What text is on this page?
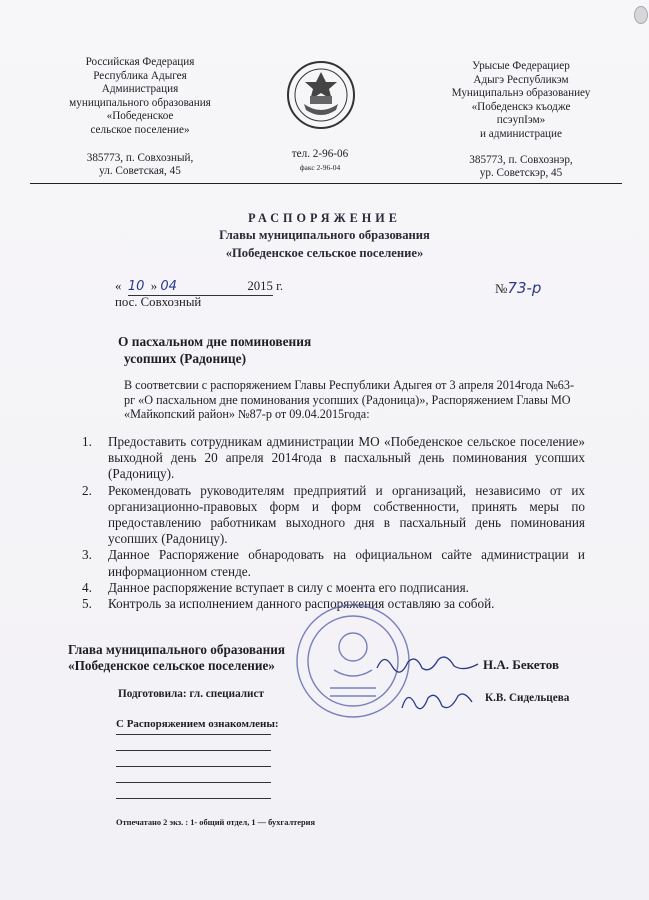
Российская Федерация
Республика Адыгея
Администрация
муниципального образования
«Победенское
сельское поселение»
385773, п. Совхозный,
ул. Советская, 45
Урысые Федерациер
Адыгэ Республикэм
Муниципальнэ образованиеу
«Победенскэ къодже
псэупІэм»
и администрацие
385773, п. Совхознэр,
ур. Советскэр, 45
тел. 2-96-06
факс 2-96-04
РАСПОРЯЖЕНИЕ
Главы муниципального образования
«Победенское сельское поселение»
« 10 » 04	2015 г.	№73-р
пос. Совхозный
О пасхальном дне поминовения
усопших (Радонице)
В соответсвии с распоряжением Главы Республики Адыгея от 3 апреля 2014года №63-рг «О пасхальном дне поминования усопших (Радоница)», Распоряжением Главы МО «Майкопский район» №87-р от 09.04.2015года:
1. Предоставить сотрудникам администрации МО «Победенское сельское поселение» выходной день 20 апреля 2014года в пасхальный день поминования усопших (Радоницу).
2. Рекомендовать руководителям предприятий и организаций, независимо от их организационно-правовых форм и форм собственности, принять меры по предоставлению работникам выходного дня в пасхальный день поминования усопших (Радоницу).
3. Данное Распоряжение обнародовать на официальном сайте администрации и информационном стенде.
4. Данное распоряжение вступает в силу с моента его подписания.
5. Контроль за исполнением данного распоряжения оставляю за собой.
Глава муниципального образования
«Победенское сельское поселение»	Н.А. Бекетов
Подготовила: гл. специалист	К.В. Сидельцева
С Распоряжением ознакомлены:
Отпечатано 2 экз. : 1- общий отдел, 1 — бухгалтерия
